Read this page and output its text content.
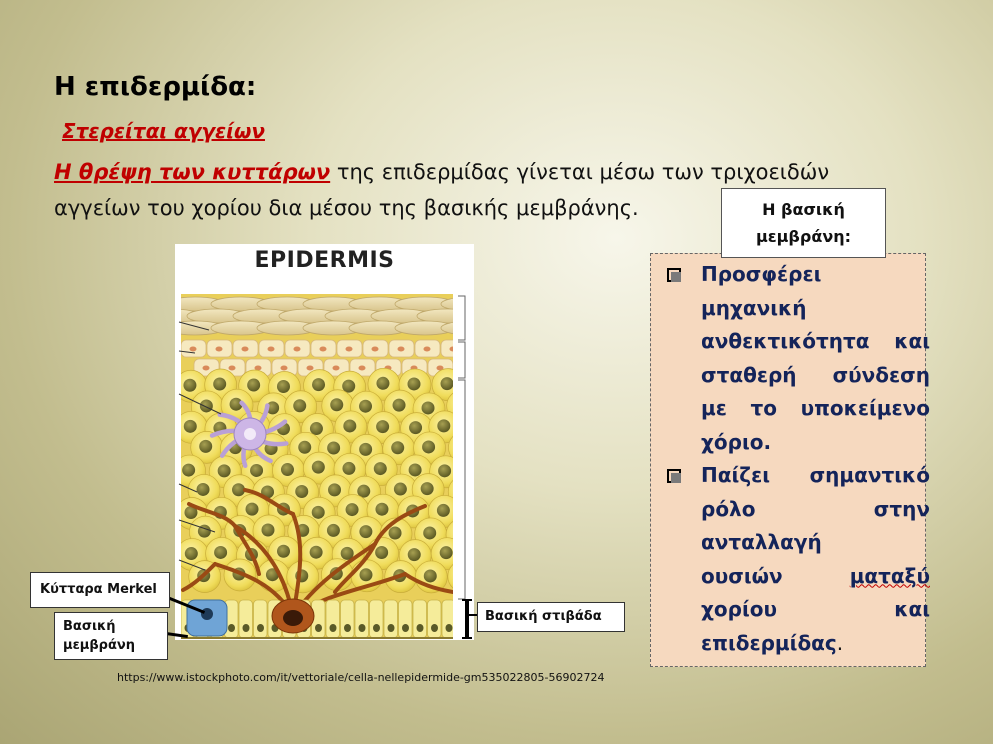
Η επιδερμίδα:
Στερείται αγγείων
Η θρέψη των κυττάρων της επιδερμίδας γίνεται μέσω των τριχοειδών
αγγείων του χορίου δια μέσου της βασικής μεμβράνης.
Προσφέρει
μηχανική
ανθεκτικότητα και
σταθερή σύνδεση
με το υποκείμενο
χόριο.
Παίζει σημαντικό
ρόλο	στην
ανταλλαγή
ουσιών	ματαξύ
χορίου	και
επιδερμίδας.
Η βασική
μεμβράνη:
EPIDERMIS
Κύτταρα Merkel
Βασική
μεμβράνη
Βασική στιβάδα
https://www.istockphoto.com/it/vettoriale/cella-nellepidermide-gm535022805-56902724
